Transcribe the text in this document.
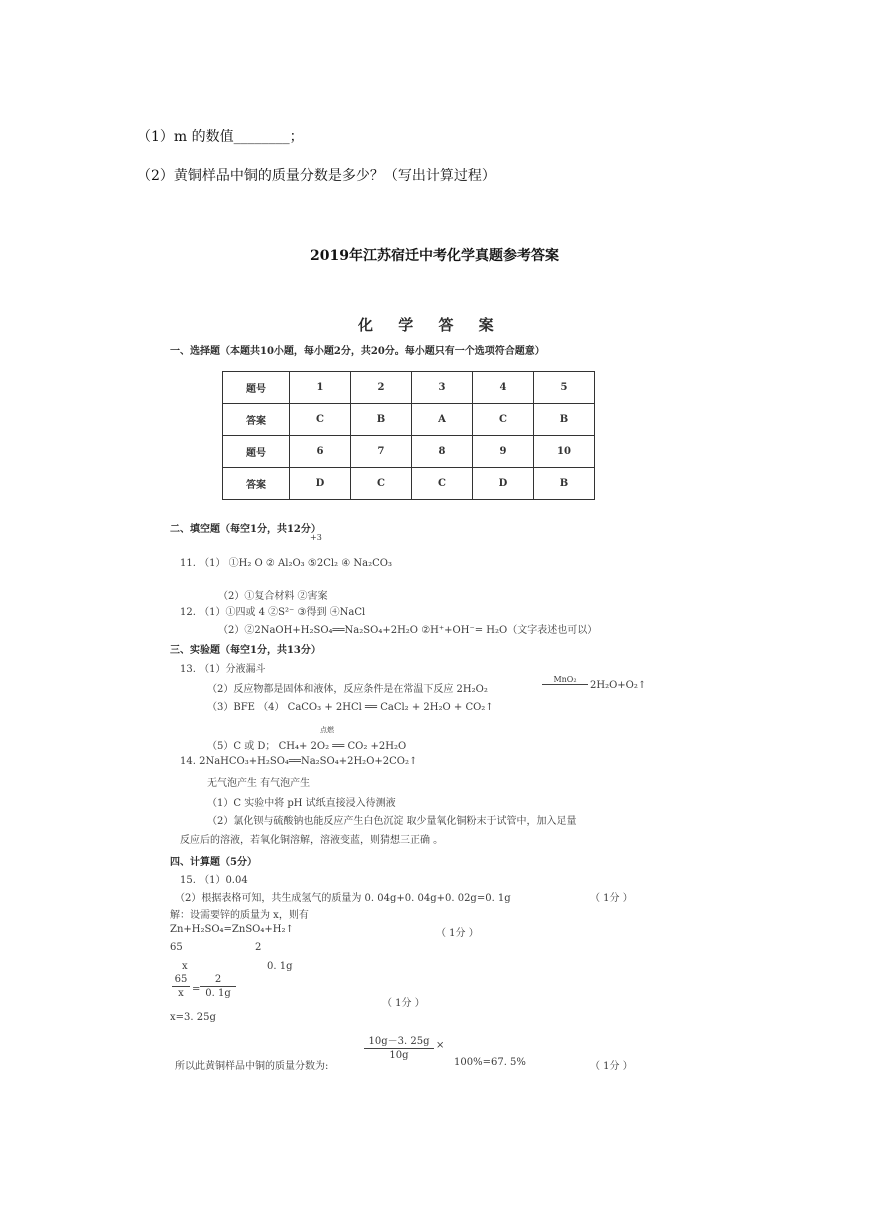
（1）m 的数值________；
（2）黄铜样品中铜的质量分数是多少？（写出计算过程）
2019年江苏宿迁中考化学真题参考答案
化 学 答 案
一、选择题（本题共10小题，每小题2分，共20分。每小题只有一个选项符合题意）
题号	1	2	3	4	5
答案	C	B	A	C	B
题号	6	7	8	9	10
答案	D	C	C	D	B
二、填空题（每空1分，共12分）
+3
11. （1） ①H₂ O ② Al₂O₃ ⑤2Cl₂ ④ Na₂CO₃
（2）①复合材料 ②害案
12. （1）①四或 4 ②S²⁻ ③得到 ④NaCl
（2）②2NaOH+H₂SO₄══Na₂SO₄+2H₂O ②H⁺+OH⁻= H₂O（文字表述也可以）
三、实验题（每空1分，共13分）
13. （1）分液漏斗
（2）反应物都是固体和液体，反应条件是在常温下反应 2H₂O₂
MnO₂
2H₂O+O₂↑
（3）BFE （4） CaCO₃ + 2HCl ══ CaCl₂ + 2H₂O + CO₂↑
点燃
（5）C 或 D； CH₄+ 2O₂ ══ CO₂ +2H₂O
14. 2NaHCO₃+H₂SO₄══Na₂SO₄+2H₂O+2CO₂↑
无气泡产生 有气泡产生
（1）C 实验中将 pH 试纸直接浸入待测液
（2）氯化钡与硫酸钠也能反应产生白色沉淀 取少量氧化铜粉末于试管中，加入足量
反应后的溶液，若氧化铜溶解，溶液变蓝，则猜想三正确 。
四、计算题（5分）
15. （1）0.04
（2）根据表格可知，共生成氢气的质量为 0. 04g+0. 04g+0. 02g=0. 1g	（ 1分 ）
解：设需要锌的质量为 x，则有
Zn+H₂SO₄=ZnSO₄+H₂↑	（ 1分 ）
65	2
x	0. 1g
65
x =
2
0. 1g
（ 1分 ）
x=3. 25g
10g－3. 25g
10g
×
所以此黄铜样品中铜的质量分数为:	100%=67. 5%	（ 1分 ）
